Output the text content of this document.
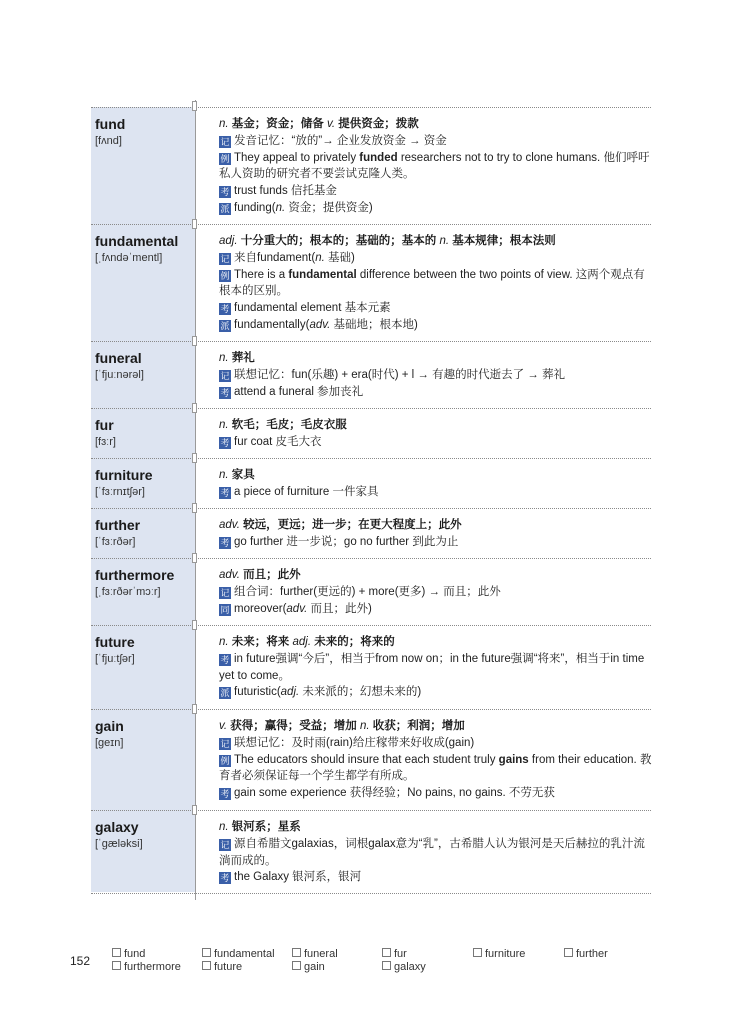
fund
[fʌnd]
n. 基金；资金；储备 v. 提供资金；拨款
记 发音记忆：“放的”→ 企业发放资金 → 资金
例 They appeal to privately funded researchers not to try to clone humans. 他们呼吁私人资助的研究者不要尝试克隆人类。
考 trust funds 信托基金
派 funding(n. 资金；提供资金)
fundamental
[ˌfʌndəˈmentl]
adj. 十分重大的；根本的；基础的；基本的 n. 基本规律；根本法则
记 来自fundament(n. 基础)
例 There is a fundamental difference between the two points of view. 这两个观点有根本的区别。
考 fundamental element 基本元素
派 fundamentally(adv. 基础地；根本地)
funeral
[ˈfjuːnərəl]
n. 葬礼
记 联想记忆：fun(乐趣) + era(时代) + l → 有趣的时代逝去了 → 葬礼
考 attend a funeral 参加丧礼
fur
[fɜːr]
n. 软毛；毛皮；毛皮衣服
考 fur coat 皮毛大衣
furniture
[ˈfɜːrnɪtʃər]
n. 家具
考 a piece of furniture 一件家具
further
[ˈfɜːrðər]
adv. 较远，更远；进一步；在更大程度上；此外
考 go further 进一步说；go no further 到此为止
furthermore
[ˌfɜːrðərˈmɔːr]
adv. 而且；此外
记 组合词：further(更远的) + more(更多) → 而且；此外
同 moreover(adv. 而且；此外)
future
[ˈfjuːtʃər]
n. 未来；将来 adj. 未来的；将来的
考 in future强调“今后”，相当于from now on；in the future强调“将来”，相当于in time yet to come。
派 futuristic(adj. 未来派的；幻想未来的)
gain
[ɡeɪn]
v. 获得；赢得；受益；增加 n. 收获；利润；增加
记 联想记忆：及时雨(rain)给庄稼带来好收成(gain)
例 The educators should insure that each student truly gains from their education. 教育者必须保证每一个学生都学有所成。
考 gain some experience 获得经验；No pains, no gains. 不劳无获
galaxy
[ˈɡæləksi]
n. 银河系；星系
记 源自希腊文galaxias，词根galax意为“乳”，古希腊人认为银河是天后赫拉的乳汁流淌而成的。
考 the Galaxy 银河系，银河
152	fund	fundamental	funeral	fur	furniture	further
furthermore	future	gain	galaxy
